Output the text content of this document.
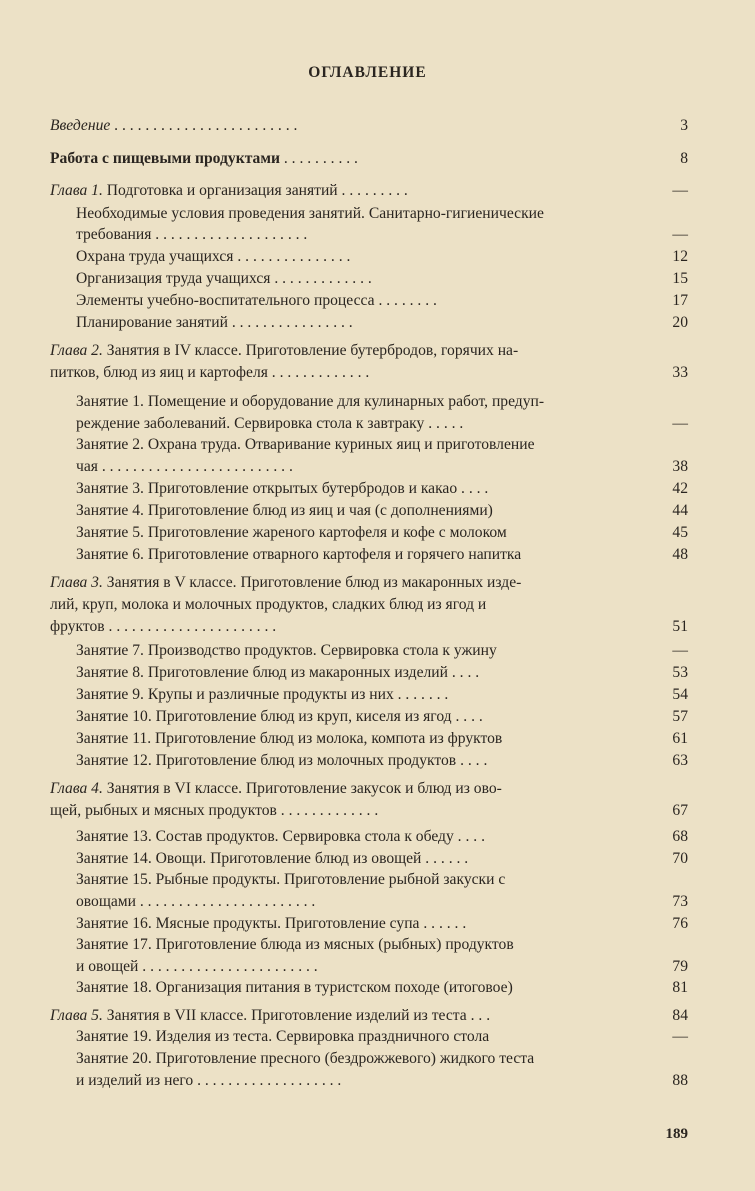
ОГЛАВЛЕНИЕ
Введение . . . . . . . . . . . . . . . . . . . . . . . .	3
Работа с пищевыми продуктами . . . . . . . . . .	8
Глава 1. Подготовка и организация занятий . . . . . . . . .	—
Необходимые условия проведения занятий. Санитарно-гигиенические
требования . . . . . . . . . . . . . . . . . . . .	—
Охрана труда учащихся . . . . . . . . . . . . . . .	12
Организация труда учащихся . . . . . . . . . . . . .	15
Элементы учебно-воспитательного процесса . . . . . . . .	17
Планирование занятий . . . . . . . . . . . . . . . .	20
Глава 2. Занятия в IV классе. Приготовление бутербродов, горячих на-
питков, блюд из яиц и картофеля . . . . . . . . . . . . .	33
Занятие 1. Помещение и оборудование для кулинарных работ, предуп-
реждение заболеваний. Сервировка стола к завтраку . . . . .	—
Занятие 2. Охрана труда. Отваривание куриных яиц и приготовление
чая . . . . . . . . . . . . . . . . . . . . . . . . .	38
Занятие 3. Приготовление открытых бутербродов и какао . . . .	42
Занятие 4. Приготовление блюд из яиц и чая (с дополнениями)	44
Занятие 5. Приготовление жареного картофеля и кофе с молоком	45
Занятие 6. Приготовление отварного картофеля и горячего напитка	48
Глава 3. Занятия в V классе. Приготовление блюд из макаронных изде-
лий, круп, молока и молочных продуктов, сладких блюд из ягод и
фруктов . . . . . . . . . . . . . . . . . . . . . .	51
Занятие 7. Производство продуктов. Сервировка стола к ужину	—
Занятие 8. Приготовление блюд из макаронных изделий . . . .	53
Занятие 9. Крупы и различные продукты из них . . . . . . .	54
Занятие 10. Приготовление блюд из круп, киселя из ягод . . . .	57
Занятие 11. Приготовление блюд из молока, компота из фруктов	61
Занятие 12. Приготовление блюд из молочных продуктов . . . .	63
Глава 4. Занятия в VI классе. Приготовление закусок и блюд из ово-
щей, рыбных и мясных продуктов . . . . . . . . . . . . .	67
Занятие 13. Состав продуктов. Сервировка стола к обеду . . . .	68
Занятие 14. Овощи. Приготовление блюд из овощей . . . . . .	70
Занятие 15. Рыбные продукты. Приготовление рыбной закуски с
овощами . . . . . . . . . . . . . . . . . . . . . . .	73
Занятие 16. Мясные продукты. Приготовление супа . . . . . .	76
Занятие 17. Приготовление блюда из мясных (рыбных) продуктов
и овощей . . . . . . . . . . . . . . . . . . . . . . .	79
Занятие 18. Организация питания в туристском походе (итоговое)	81
Глава 5. Занятия в VII классе. Приготовление изделий из теста . . .	84
Занятие 19. Изделия из теста. Сервировка праздничного стола	—
Занятие 20. Приготовление пресного (бездрожжевого) жидкого теста
и изделий из него . . . . . . . . . . . . . . . . . . .	88
189
